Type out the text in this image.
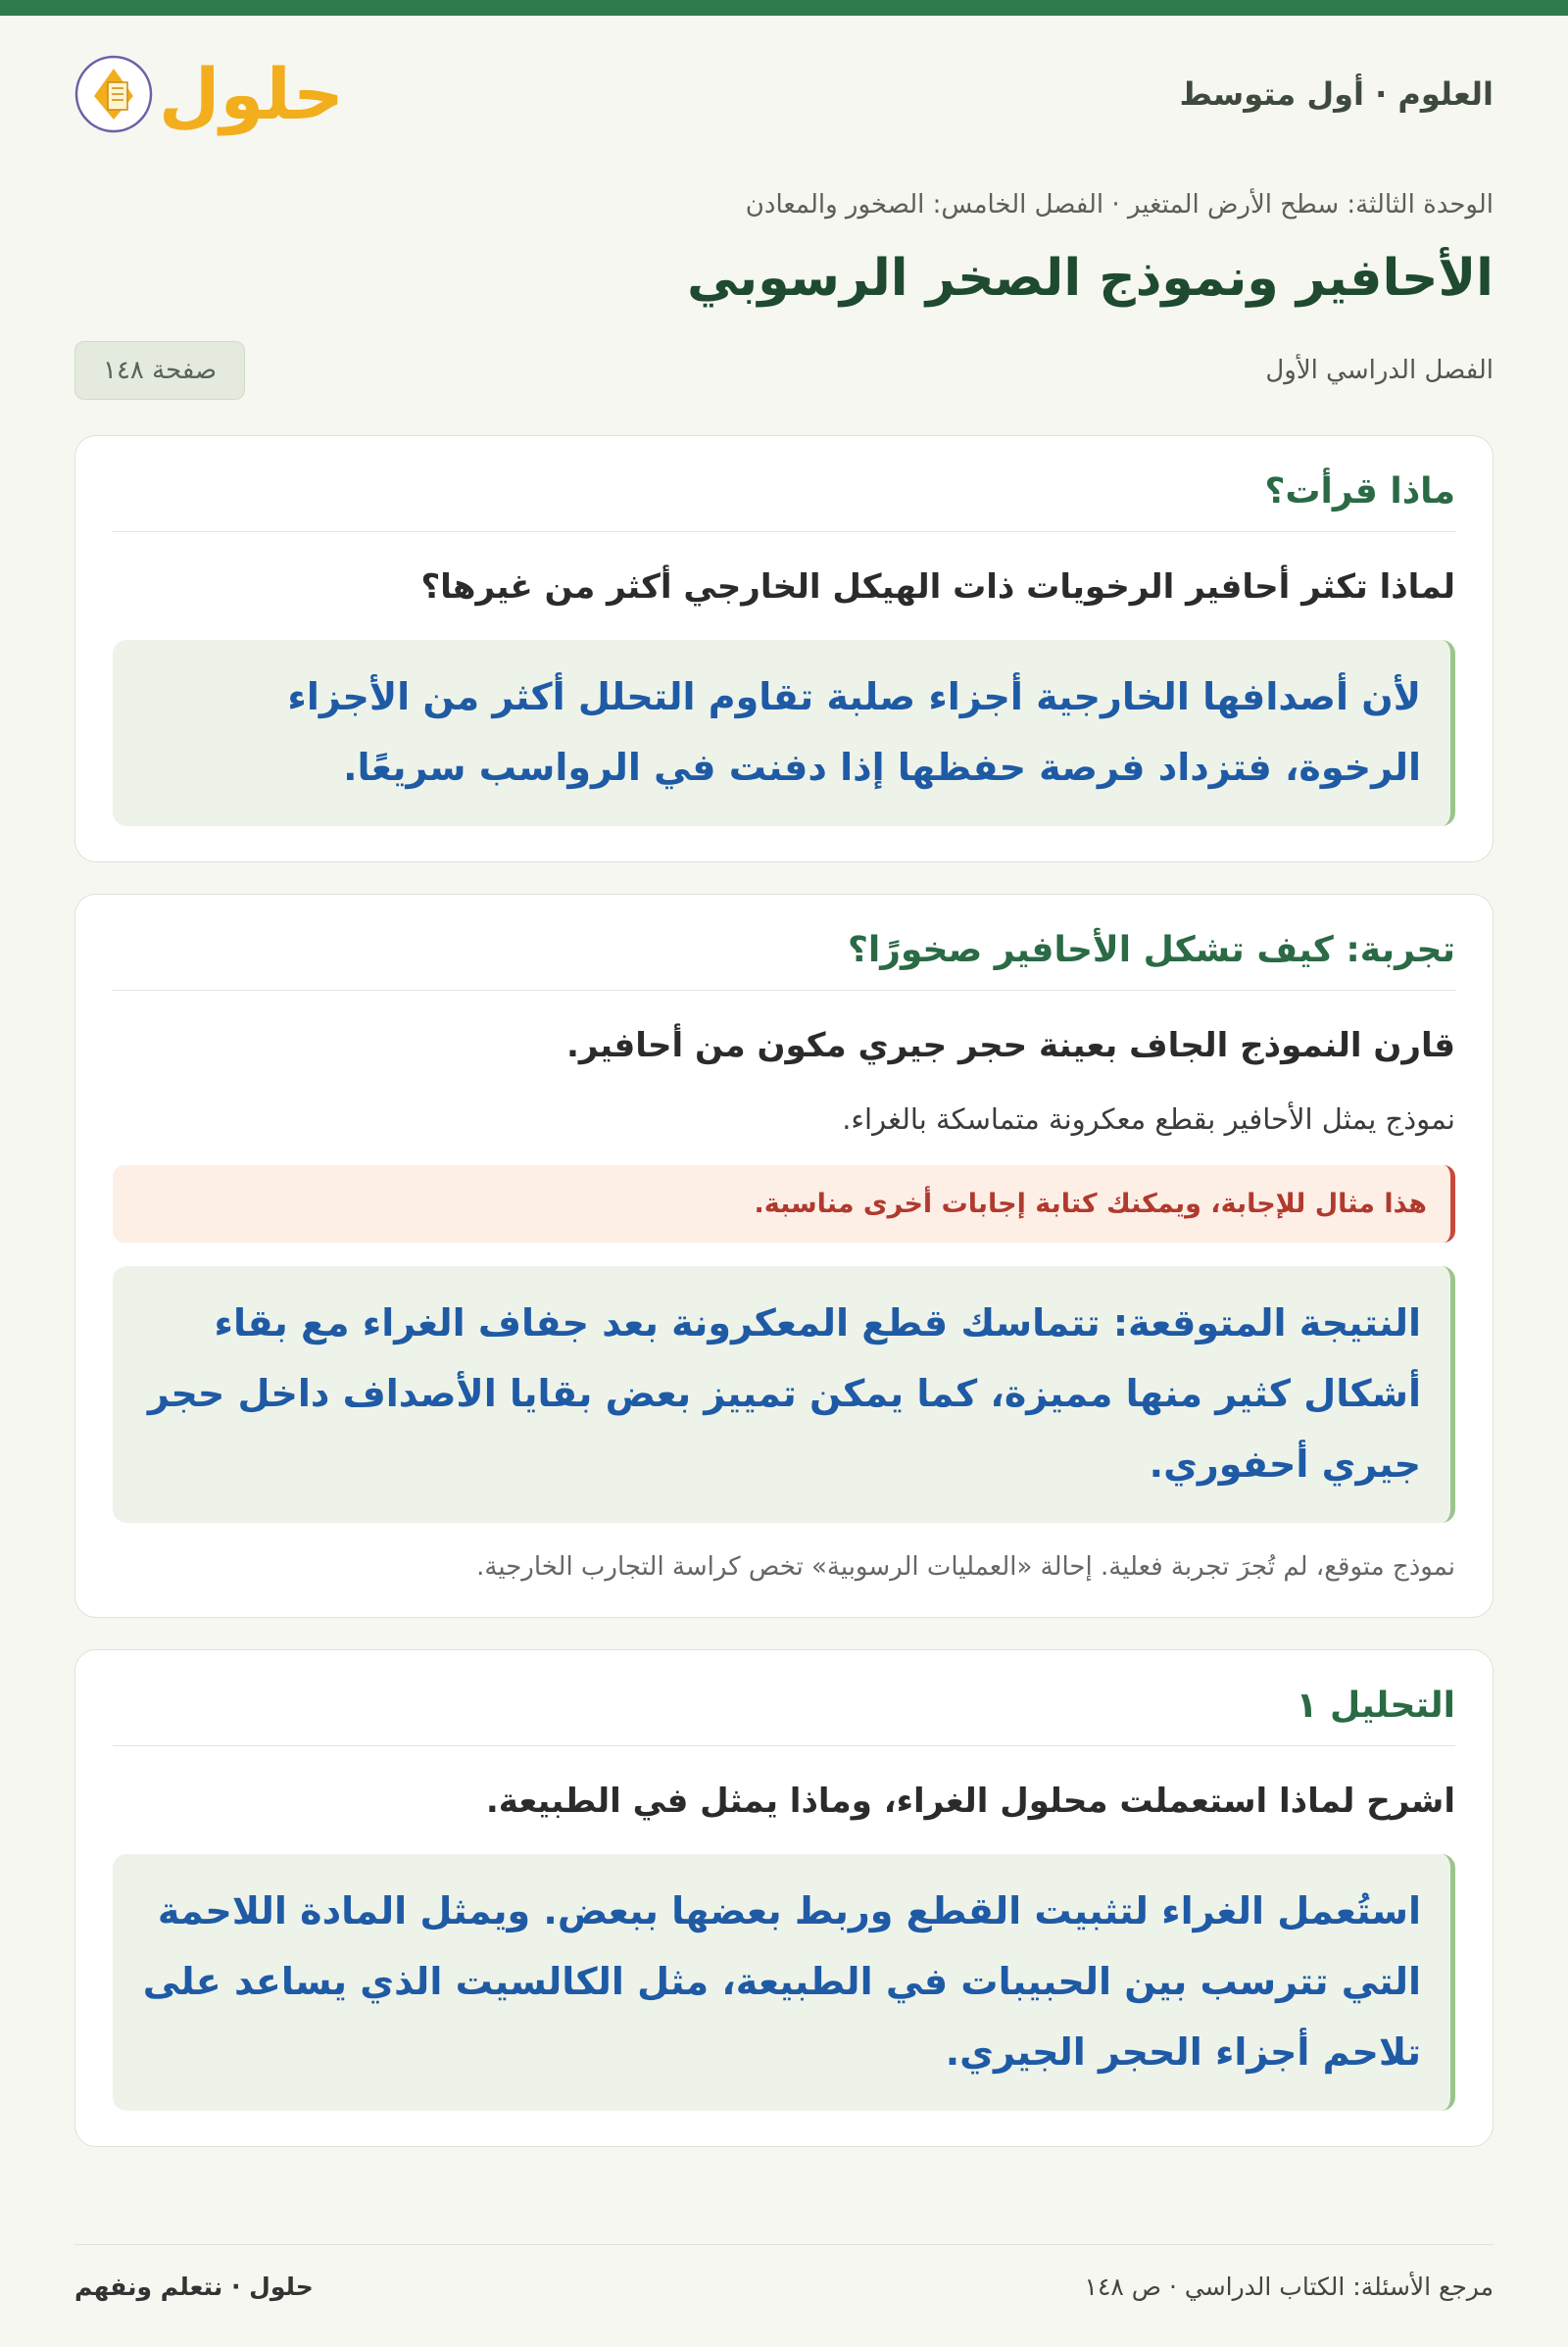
العلوم · أول متوسط
حلول
الوحدة الثالثة: سطح الأرض المتغير · الفصل الخامس: الصخور والمعادن
الأحافير ونموذج الصخر الرسوبي
الفصل الدراسي الأول
صفحة ١٤٨
ماذا قرأت؟
لماذا تكثر أحافير الرخويات ذات الهيكل الخارجي أكثر من غيرها؟
لأن أصدافها الخارجية أجزاء صلبة تقاوم التحلل أكثر من الأجزاء الرخوة، فتزداد فرصة حفظها إذا دفنت في الرواسب سريعًا.
تجربة: كيف تشكل الأحافير صخورًا؟
قارن النموذج الجاف بعينة حجر جيري مكون من أحافير.
نموذج يمثل الأحافير بقطع معكرونة متماسكة بالغراء.
هذا مثال للإجابة، ويمكنك كتابة إجابات أخرى مناسبة.
النتيجة المتوقعة: تتماسك قطع المعكرونة بعد جفاف الغراء مع بقاء أشكال كثير منها مميزة، كما يمكن تمييز بعض بقايا الأصداف داخل حجر جيري أحفوري.
نموذج متوقع، لم تُجرَ تجربة فعلية. إحالة «العمليات الرسوبية» تخص كراسة التجارب الخارجية.
التحليل ١
اشرح لماذا استعملت محلول الغراء، وماذا يمثل في الطبيعة.
استُعمل الغراء لتثبيت القطع وربط بعضها ببعض. ويمثل المادة اللاحمة التي تترسب بين الحبيبات في الطبيعة، مثل الكالسيت الذي يساعد على تلاحم أجزاء الحجر الجيري.
مرجع الأسئلة: الكتاب الدراسي · ص ١٤٨
حلول · نتعلم ونفهم
